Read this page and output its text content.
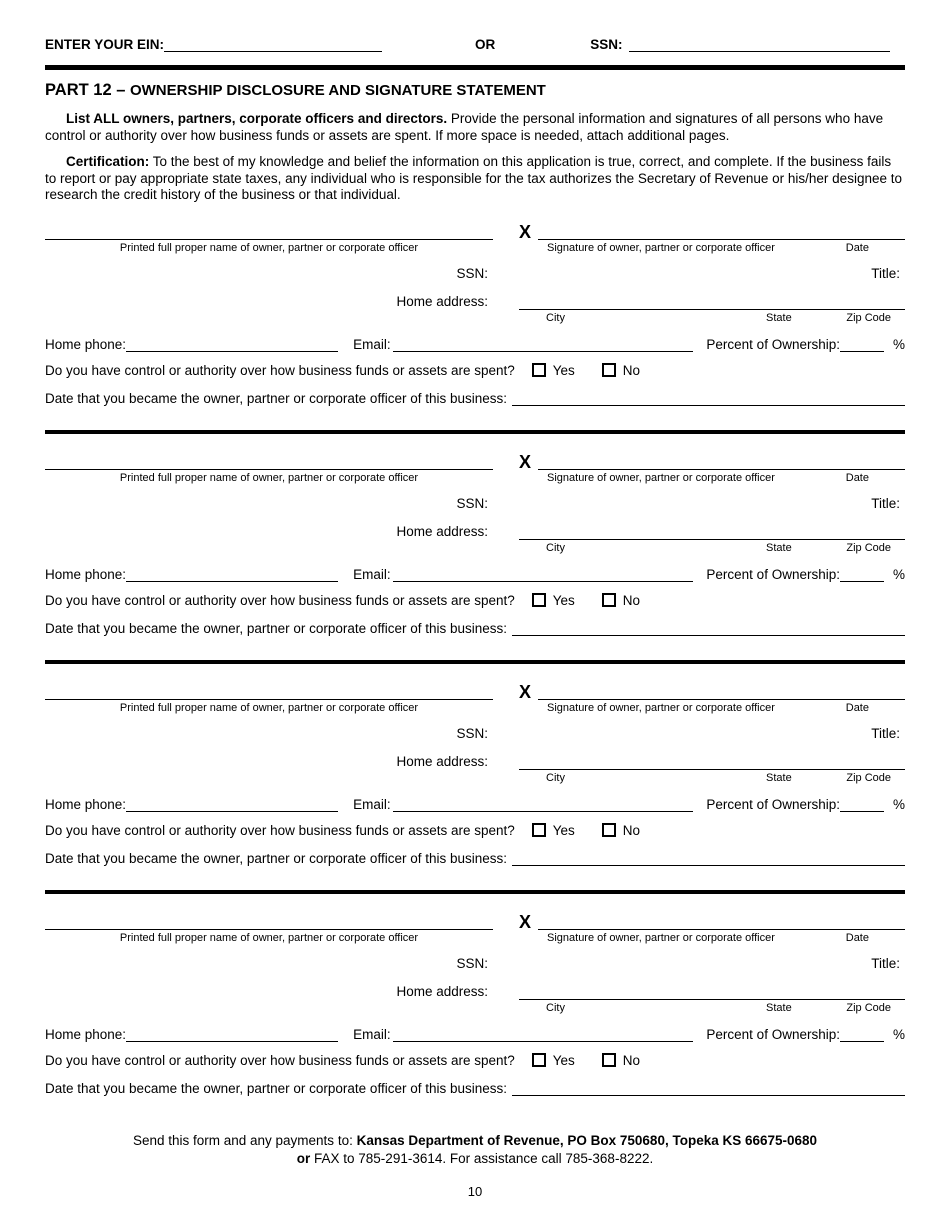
ENTER YOUR EIN:	OR	SSN:
PART 12 – OWNERSHIP DISCLOSURE AND SIGNATURE STATEMENT

List ALL owners, partners, corporate officers and directors. Provide the personal information and signatures of all persons who have control or authority over how business funds or assets are spent. If more space is needed, attach additional pages.

Certification: To the best of my knowledge and belief the information on this application is true, correct, and complete. If the business fails to report or pay appropriate state taxes, any individual who is responsible for the tax authorizes the Secretary of Revenue or his/her designee to research the credit history of the business or that individual.

Printed full proper name of owner, partner or corporate officer
X
Signature of owner, partner or corporate officer	Date
SSN:	Title:
Home address:
City	State	Zip Code
Home phone:	Email:	Percent of Ownership:	%
Do you have control or authority over how business funds or assets are spent?	Yes	No
Date that you became the owner, partner or corporate officer of this business:
Printed full proper name of owner, partner or corporate officer
X
Signature of owner, partner or corporate officer	Date
SSN:	Title:
Home address:
City	State	Zip Code
Home phone:	Email:	Percent of Ownership:	%
Do you have control or authority over how business funds or assets are spent?	Yes	No
Date that you became the owner, partner or corporate officer of this business:
Printed full proper name of owner, partner or corporate officer
X
Signature of owner, partner or corporate officer	Date
SSN:	Title:
Home address:
City	State	Zip Code
Home phone:	Email:	Percent of Ownership:	%
Do you have control or authority over how business funds or assets are spent?	Yes	No
Date that you became the owner, partner or corporate officer of this business:
Printed full proper name of owner, partner or corporate officer
X
Signature of owner, partner or corporate officer	Date
SSN:	Title:
Home address:
City	State	Zip Code
Home phone:	Email:	Percent of Ownership:	%
Do you have control or authority over how business funds or assets are spent?	Yes	No
Date that you became the owner, partner or corporate officer of this business:
Send this form and any payments to: Kansas Department of Revenue, PO Box 750680, Topeka KS 66675-0680
or FAX to 785-291-3614. For assistance call 785-368-8222.
10
